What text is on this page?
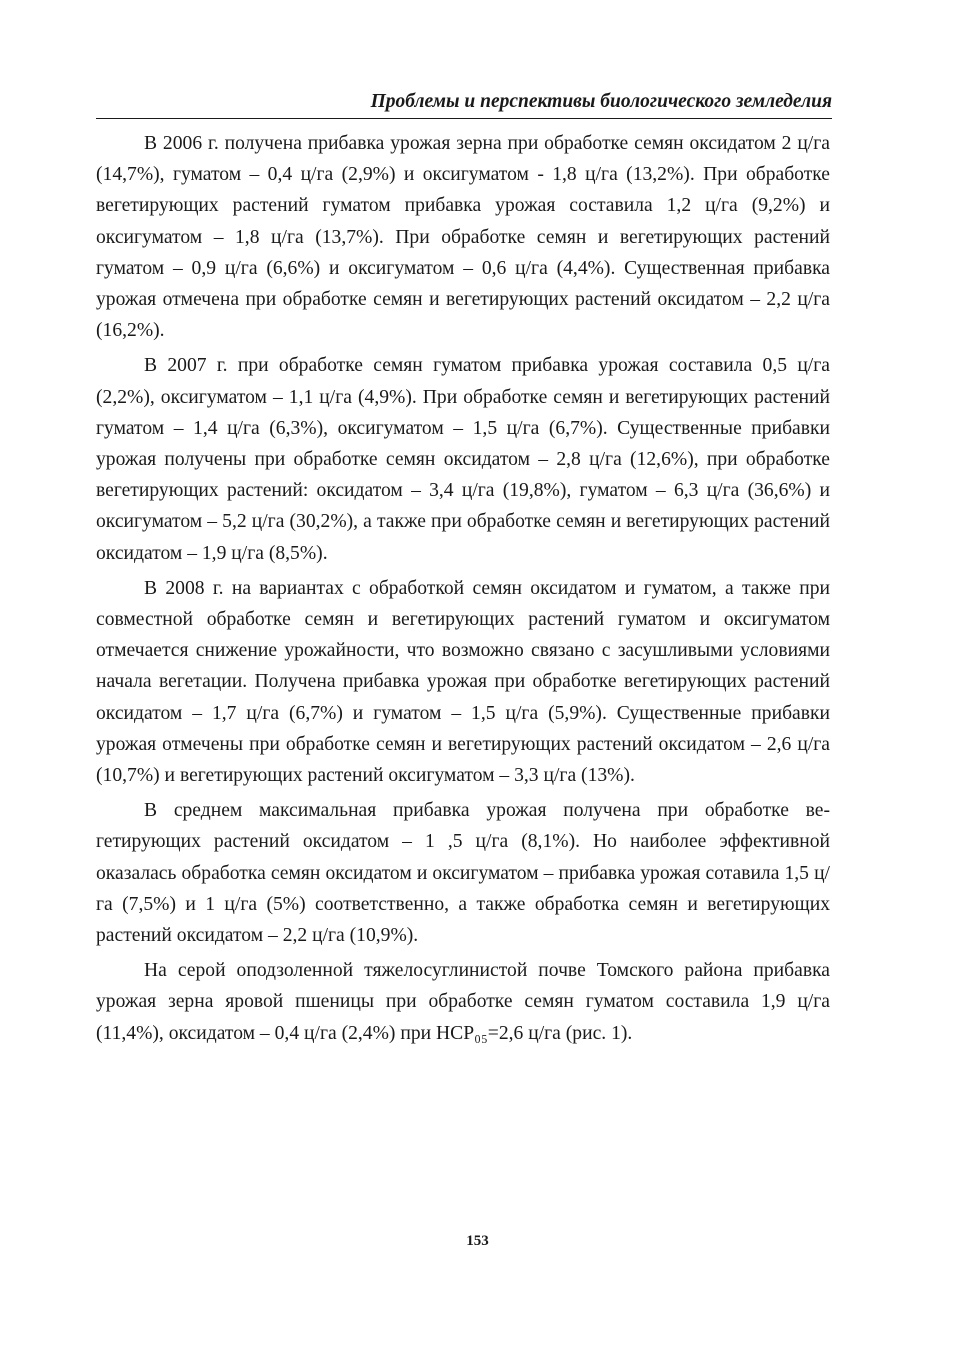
Проблемы и перспективы биологического земледелия

В 2006 г. получена прибавка урожая зерна при обработке семян оксидатом 2 ц/га (14,7%), гуматом – 0,4 ц/га (2,9%) и оксигуматом - 1,8 ц/га (13,2%). При обработке вегетирующих растений гуматом прибавка урожая составила 1,2 ц/га (9,2%) и оксигуматом – 1,8 ц/га (13,7%). При обработке семян и вегетирующих растений гуматом – 0,9 ц/га (6,6%) и оксигуматом – 0,6 ц/га (4,4%). Существенная прибавка урожая отмечена при обработке семян и вегетирующих растений оксидатом – 2,2 ц/га (16,2%).

В 2007 г. при обработке семян гуматом прибавка урожая составила 0,5 ц/га (2,2%), оксигуматом – 1,1 ц/га (4,9%). При обработке семян и вегетирующих растений гуматом – 1,4 ц/га (6,3%), оксигуматом – 1,5 ц/га (6,7%). Существенные прибавки урожая получены при обработке семян оксидатом – 2,8 ц/га (12,6%), при обработке вегетирующих растений: оксидатом – 3,4 ц/га (19,8%), гуматом – 6,3 ц/га (36,6%) и оксигуматом – 5,2 ц/га (30,2%), а также при обработке семян и вегетирующих растений оксидатом – 1,9 ц/га (8,5%).

В 2008 г. на вариантах с обработкой семян оксидатом и гуматом, а также при совместной обработке семян и вегетирующих растений гуматом и оксигуматом отмечается снижение урожайности, что возможно связано с засушливыми условиями начала вегетации. Получена прибавка урожая при обработке вегетирующих растений оксидатом – 1,7 ц/га (6,7%) и гуматом – 1,5 ц/га (5,9%). Существенные прибавки урожая отмечены при обработке семян и вегетирующих растений оксидатом – 2,6 ц/га (10,7%) и вегетирующих растений оксигуматом – 3,3 ц/га (13%).

В среднем максимальная прибавка урожая получена при обработке вегетирующих растений оксидатом – 1 ,5 ц/га (8,1%). Но наиболее эффективной оказалась обработка семян оксидатом и оксигуматом – прибавка урожая сотавила 1,5 ц/га (7,5%) и 1 ц/га (5%) соответственно, а также обработка семян и вегетирующих растений оксидатом – 2,2 ц/га (10,9%).

На серой оподзоленной тяжелосуглинистой почве Томского района прибавка урожая зерна яровой пшеницы при обработке семян гуматом составила 1,9 ц/га (11,4%), оксидатом – 0,4 ц/га (2,4%) при НСР₀₅=2,6 ц/га (рис. 1).

153
